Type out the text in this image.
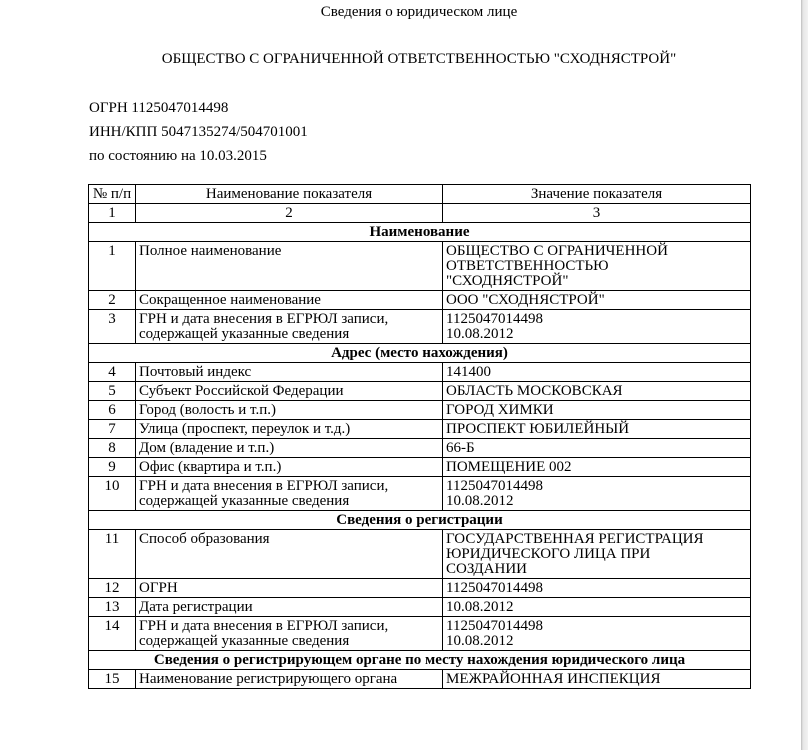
Сведения о юридическом лице
ОБЩЕСТВО С ОГРАНИЧЕННОЙ ОТВЕТСТВЕННОСТЬЮ "СХОДНЯСТРОЙ"
ОГРН 1125047014498
ИНН/КПП 5047135274/504701001
по состоянию на 10.03.2015
№ п/п	Наименование показателя	Значение показателя
1	2	3
Наименование		
1	Полное наименование	ОБЩЕСТВО С ОГРАНИЧЕННОЙ
ОТВЕТСТВЕННОСТЬЮ
"СХОДНЯСТРОЙ"
2	Сокращенное наименование	ООО "СХОДНЯСТРОЙ"
3	ГРН и дата внесения в ЕГРЮЛ записи,
содержащей указанные сведения	1125047014498
10.08.2012
Адрес (место нахождения)		
4	Почтовый индекс	141400
5	Субъект Российской Федерации	ОБЛАСТЬ МОСКОВСКАЯ
6	Город (волость и т.п.)	ГОРОД ХИМКИ
7	Улица (проспект, переулок и т.д.)	ПРОСПЕКТ ЮБИЛЕЙНЫЙ
8	Дом (владение и т.п.)	66-Б
9	Офис (квартира и т.п.)	ПОМЕЩЕНИЕ 002
10	ГРН и дата внесения в ЕГРЮЛ записи,
содержащей указанные сведения	1125047014498
10.08.2012
Сведения о регистрации		
11	Способ образования	ГОСУДАРСТВЕННАЯ РЕГИСТРАЦИЯ
ЮРИДИЧЕСКОГО ЛИЦА ПРИ
СОЗДАНИИ
12	ОГРН	1125047014498
13	Дата регистрации	10.08.2012
14	ГРН и дата внесения в ЕГРЮЛ записи,
содержащей указанные сведения	1125047014498
10.08.2012
Сведения о регистрирующем органе по месту нахождения юридического лица		
15	Наименование регистрирующего органа	МЕЖРАЙОННАЯ ИНСПЕКЦИЯ
